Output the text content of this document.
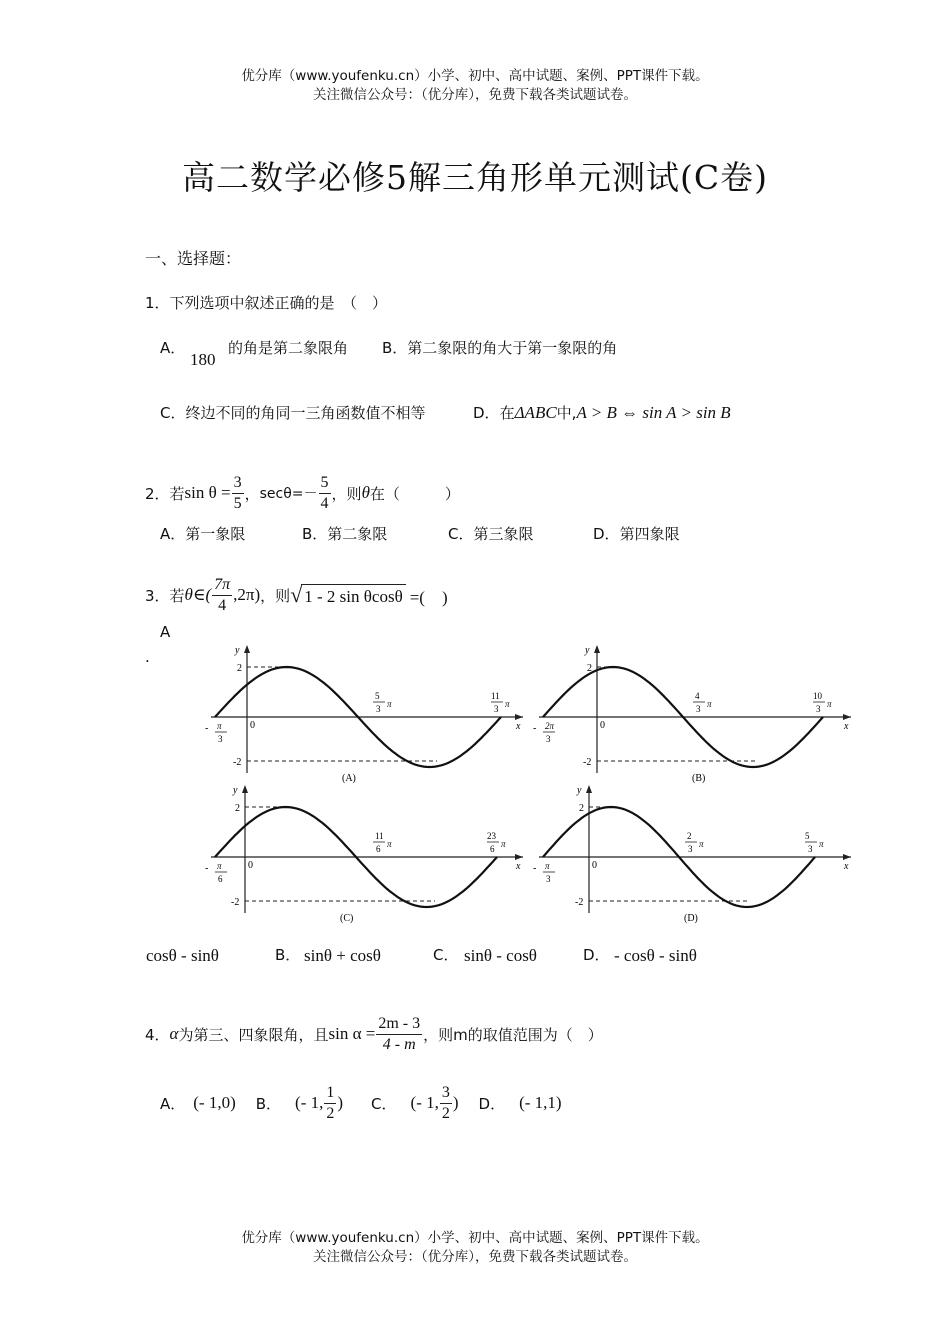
优分库（www.youfenku.cn）小学、初中、高中试题、案例、PPT课件下载。
关注微信公众号：（优分库），免费下载各类试题试卷。
高二数学必修5解三角形单元测试(C卷)
一、选择题：
1．下列选项中叙述正确的是　（　）
A．
180
的角是第二象限角 B．第二象限的角大于第一象限的角
C．终边不同的角同一三角函数值不相等	D．在ΔABC中,A > B ⇔ sin A > sin B
2．若 $\sin \theta = \frac{3}{5}$ ， $\sec\theta=- \frac{5}{4}$ ，则 θ 在（　　　）
A．第一象限	B．第二象限	C．第三象限	D．第四象限
3．若 θ∈( $\frac{7\pi}{4} ,2\pi$) ，则 √ 1 - 2 sin θcosθ =(　)
A
.	y
x
2
-2
0
- π
3
5
3 π
11
3 π
(A)
y
x
2
-2
0
- 2π
3
4
3 π
10
3 π
(B)
y
x
2
-2
0
- π
6
11
6 π
23
6 π
(C)
y
x
2
-2
0
- π
3
2
3 π
5
3 π
(D)
cosθ - sinθ	B． sinθ + cosθ	C． sinθ - cosθ	D． - cosθ - sinθ
4． α 为第三、四象限角，且 $\sin \alpha = \frac{2m - 3}{4 - m}$ ，则m的取值范围为（　）
A． (- 1,0) B． (- 1, $\frac{1}{2}$ ) C． (- 1, $\frac{3}{2}$ ) D． (- 1,1)
优分库（www.youfenku.cn）小学、初中、高中试题、案例、PPT课件下载。
关注微信公众号：（优分库），免费下载各类试题试卷。
